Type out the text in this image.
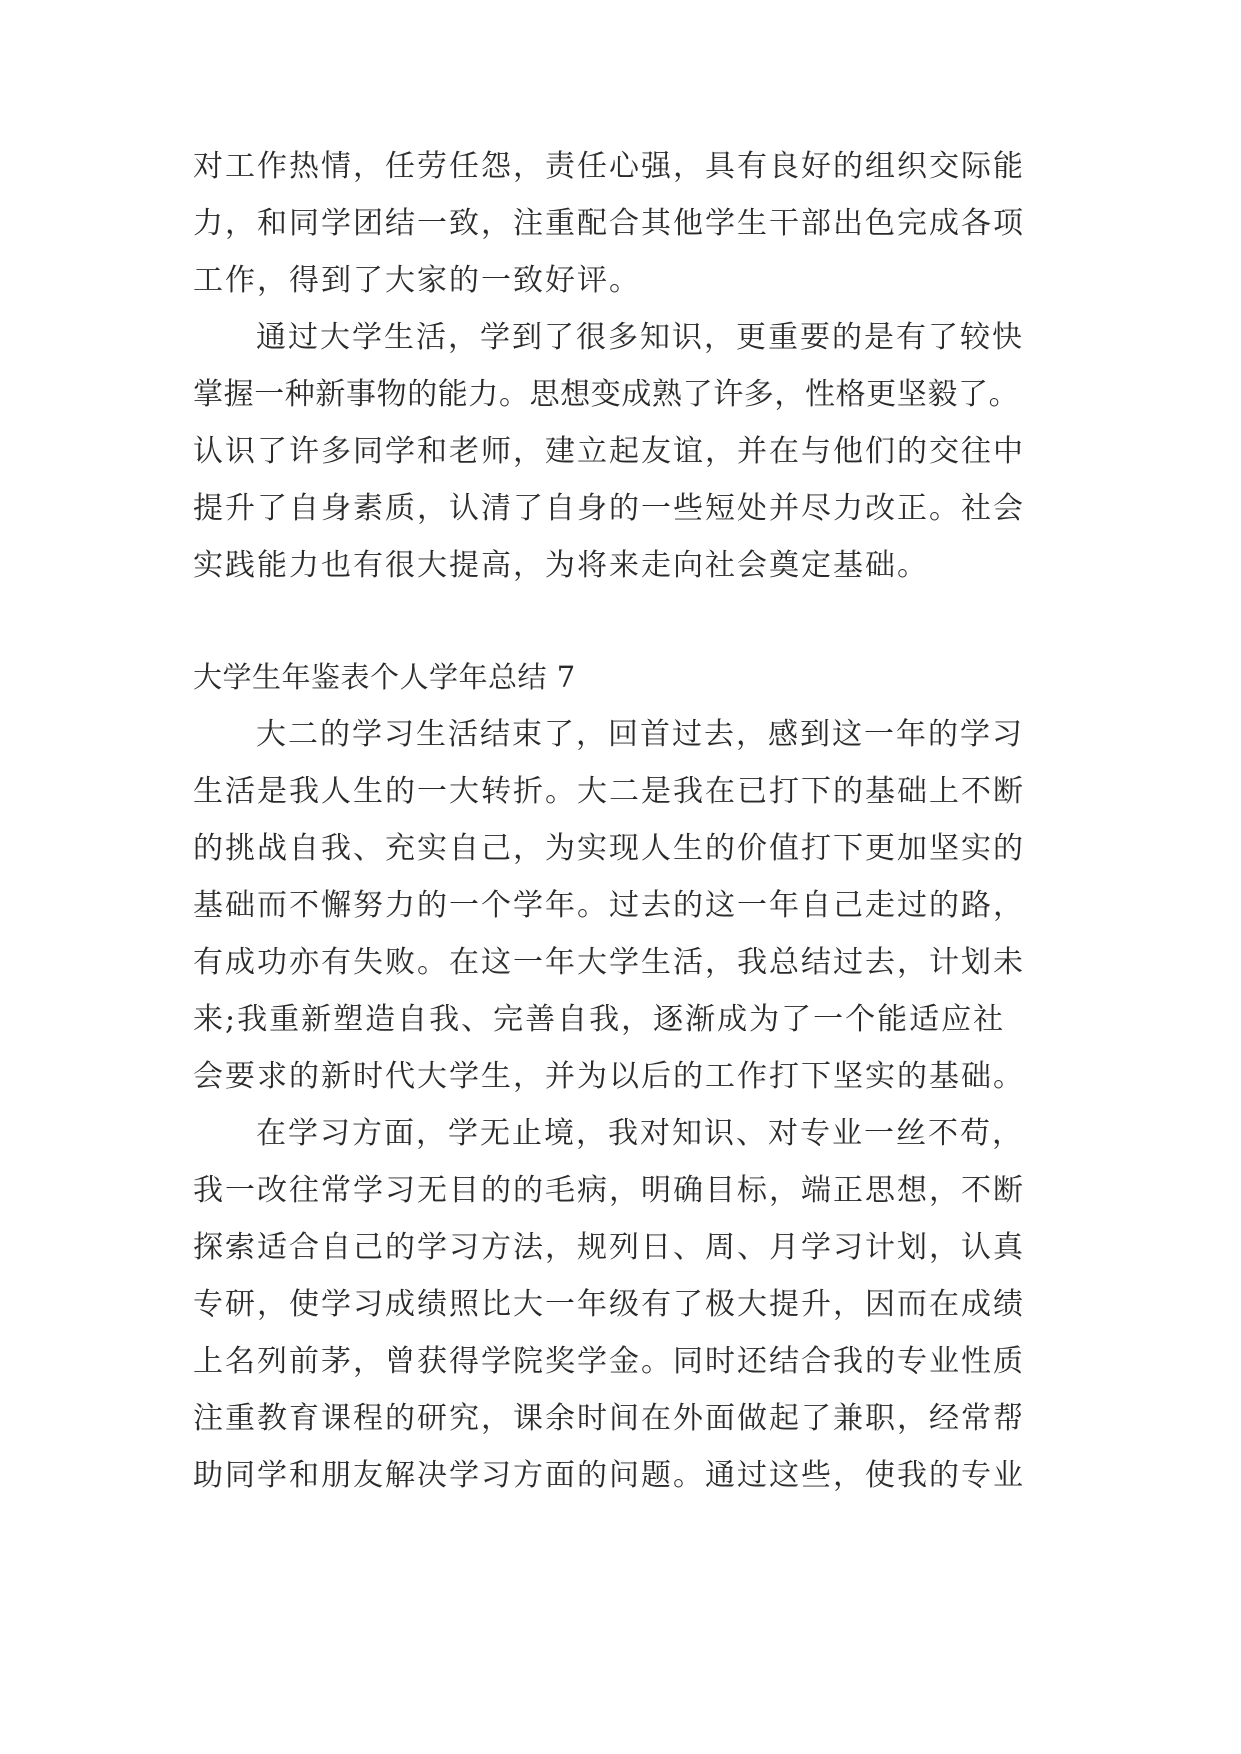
对工作热情，任劳任怨，责任心强，具有良好的组织交际能
力，和同学团结一致，注重配合其他学生干部出色完成各项
工作，得到了大家的一致好评。
通过大学生活，学到了很多知识，更重要的是有了较快
掌握一种新事物的能力。思想变成熟了许多，性格更坚毅了。
认识了许多同学和老师，建立起友谊，并在与他们的交往中
提升了自身素质，认清了自身的一些短处并尽力改正。社会
实践能力也有很大提高，为将来走向社会奠定基础。
大学生年鉴表个人学年总结 7
大二的学习生活结束了，回首过去，感到这一年的学习
生活是我人生的一大转折。大二是我在已打下的基础上不断
的挑战自我、充实自己，为实现人生的价值打下更加坚实的
基础而不懈努力的一个学年。过去的这一年自己走过的路，
有成功亦有失败。在这一年大学生活，我总结过去，计划未
来;我重新塑造自我、完善自我，逐渐成为了一个能适应社
会要求的新时代大学生，并为以后的工作打下坚实的基础。
在学习方面，学无止境，我对知识、对专业一丝不苟，
我一改往常学习无目的的毛病，明确目标，端正思想，不断
探索适合自己的学习方法，规列日、周、月学习计划，认真
专研，使学习成绩照比大一年级有了极大提升，因而在成绩
上名列前茅，曾获得学院奖学金。同时还结合我的专业性质
注重教育课程的研究，课余时间在外面做起了兼职，经常帮
助同学和朋友解决学习方面的问题。通过这些，使我的专业
